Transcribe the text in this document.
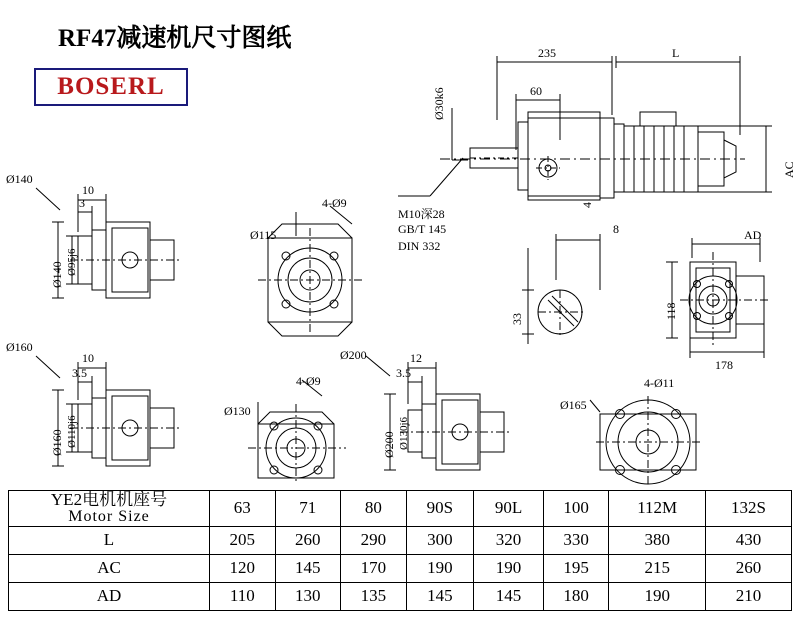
RF47减速机尺寸图纸
BOSERL
235	L
60
Ø30k6
AC
AD
8
4
M10深28
GB/T 145
DIN 332
33	118
178
Ø140
10
3
Ø140 Ø95j6
Ø115
4-Ø9
Ø160
10
3.5
Ø160 Ø110j6
Ø130
4-Ø9
Ø200	12
3.5
Ø200 Ø130j6
4-Ø11
Ø165
YE2电机机座号
Motor Size	63	71	80	90S	90L	100	112M	132S
L	205	260	290	300	320	330	380	430
AC	120	145	170	190	190	195	215	260
AD	110	130	135	145	145	180	190	210
